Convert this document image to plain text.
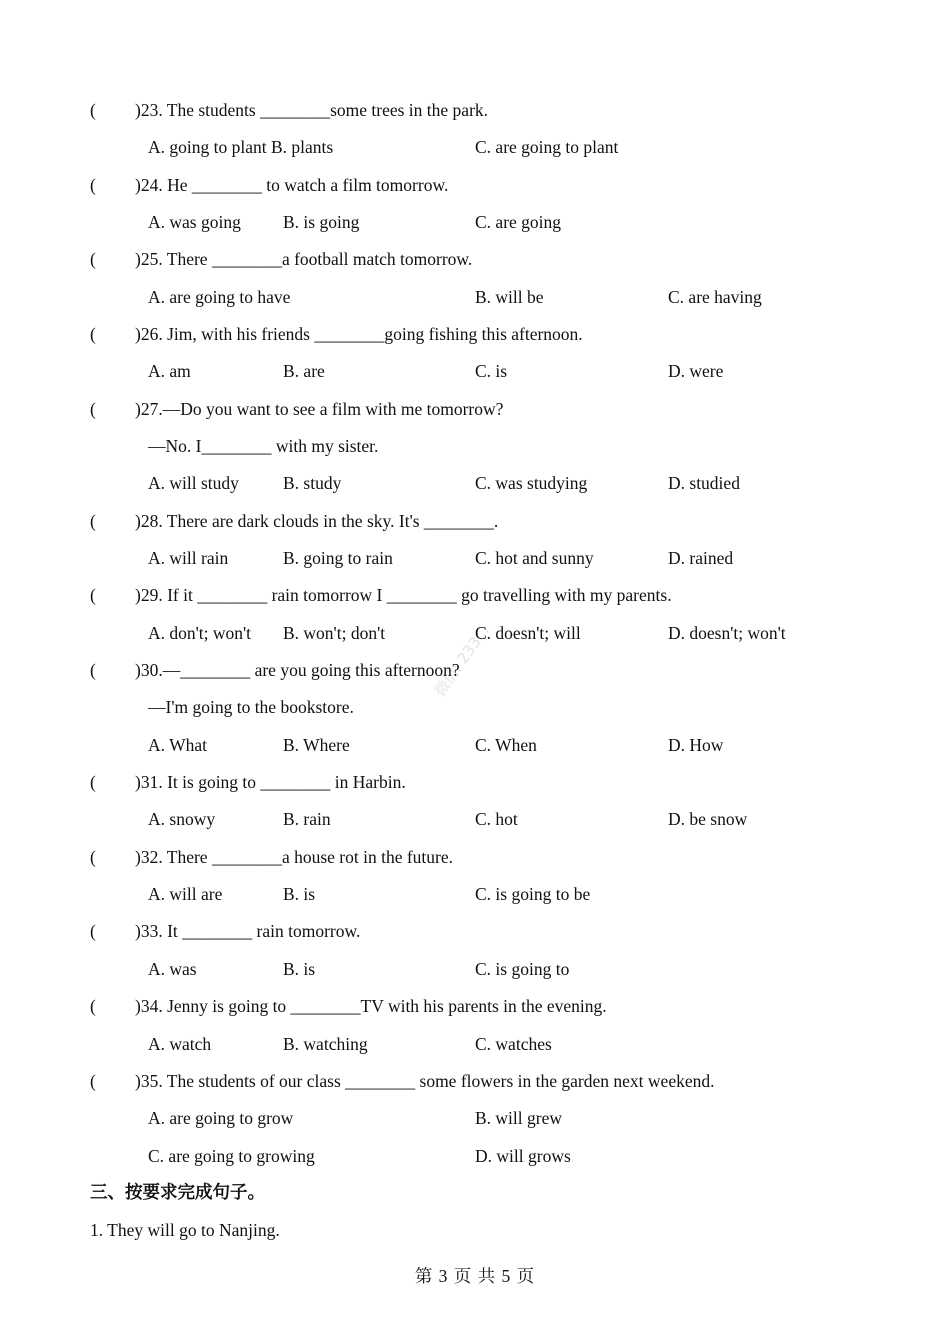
微信: 233...
( )23. The students ________some trees in the park.
A. going to plant B. plants	C. are going to plant
( )24. He ________ to watch a film tomorrow.
A. was going B. is going	C. are going
( )25. There ________a football match tomorrow.
A. are going to have	B. will be	C. are having
( )26. Jim, with his friends ________going fishing this afternoon.
A. am	B. are	C. is	D. were
( )27.—Do you want to see a film with me tomorrow?
—No. I________ with my sister.
A. will study	B. study	C. was studying	D. studied
( )28. There are dark clouds in the sky. It's ________.
A. will rain	B. going to rain	C. hot and sunny	D. rained
( )29. If it ________ rain tomorrow I ________ go travelling with my parents.
A. don't; won't B. won't; don't	C. doesn't; will	D. doesn't; won't
( )30.—________ are you going this afternoon?
—I'm going to the bookstore.
A. What	B. Where	C. When	D. How
( )31. It is going to ________ in Harbin.
A. snowy	B. rain	C. hot	D. be snow
( )32. There ________a house rot in the future.
A. will are	B. is	C. is going to be
( )33. It ________ rain tomorrow.
A. was	B. is	C. is going to
( )34. Jenny is going to ________TV with his parents in the evening.
A. watch	B. watching	C. watches
( )35. The students of our class ________ some flowers in the garden next weekend.
A. are going to grow	B. will grew
C. are going to growing	D. will grows
三、按要求完成句子。
1. They will go to Nanjing.
第 3 页 共 5 页
